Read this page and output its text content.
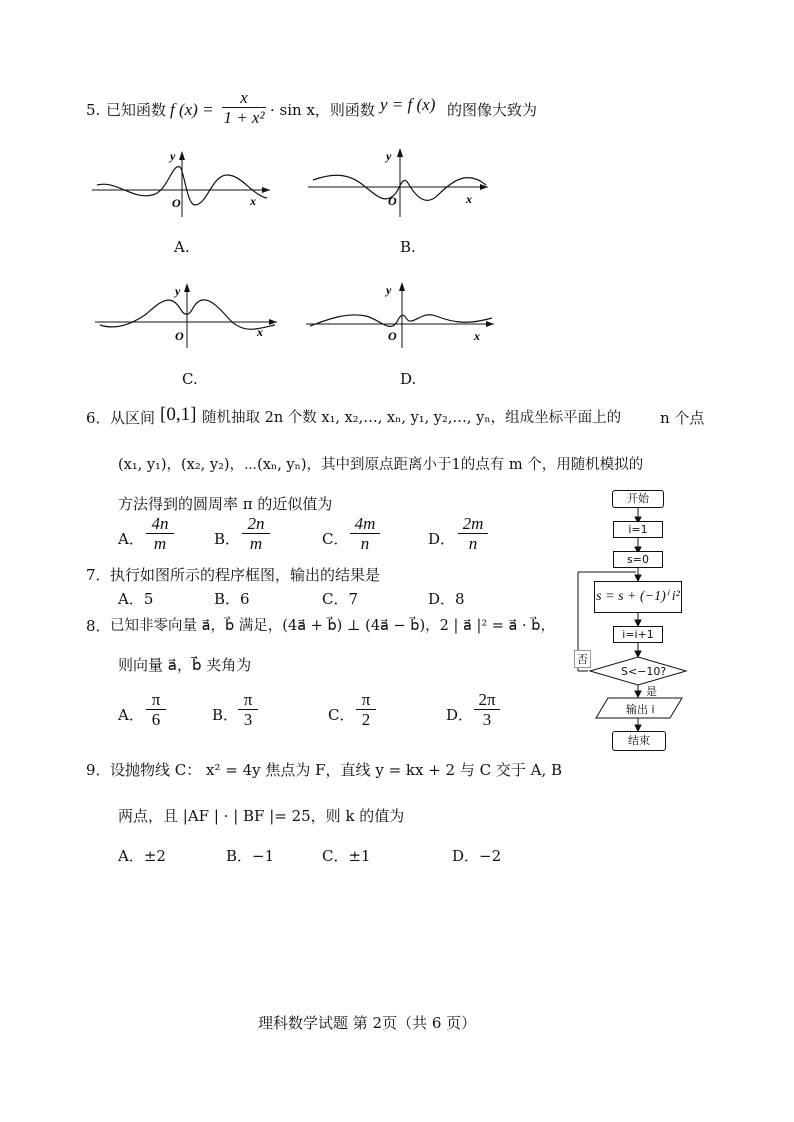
5. 已知函数 f (x) =
x
1 + x² · sin x，则函数 y = f (x) 的图像大致为
y
x
O
A.
y
x
O
B.
y
x
O
C.
y
x
O
D.
6． 从区间 [0,1] 随机抽取 2n 个数 x₁, x₂,…, xₙ, y₁, y₂,…, yₙ，组成坐标平面上的	n 个点
(x₁, y₁)，(x₂, y₂)，⋯(xₙ, yₙ)，其中到原点距离小于1的点有 m 个，用随机模拟的
方法得到的圆周率 π 的近似值为
A．
4n
m	B．
2n
m	C．
4m
n	D．
2m
n
7． 执行如图所示的程序框图，输出的结果是
A．5	B．6	C．7	D．8
8． 已知非零向量 a⃗，b⃗ 满足，(4a⃗ + b⃗) ⊥ (4a⃗ − b⃗)，2 | a⃗ |² = a⃗ · b⃗，
则向量 a⃗，b⃗ 夹角为
A．
π
6	B．
π
3	C．
π
2	D．
2π
3
9． 设抛物线 C： x² = 4y 焦点为 F，直线 y = kx + 2 与 C 交于 A, B
两点，且 |AF | · | BF |= 25，则 k 的值为
A．±2	B．−1	C．±1	D．−2
开始
i=1
s=0
s = s + (−1)ⁱ i²
i=i+1
S<−10?
否
是
输出 i
结束
理科数学试题 第 2页（共 6 页）
